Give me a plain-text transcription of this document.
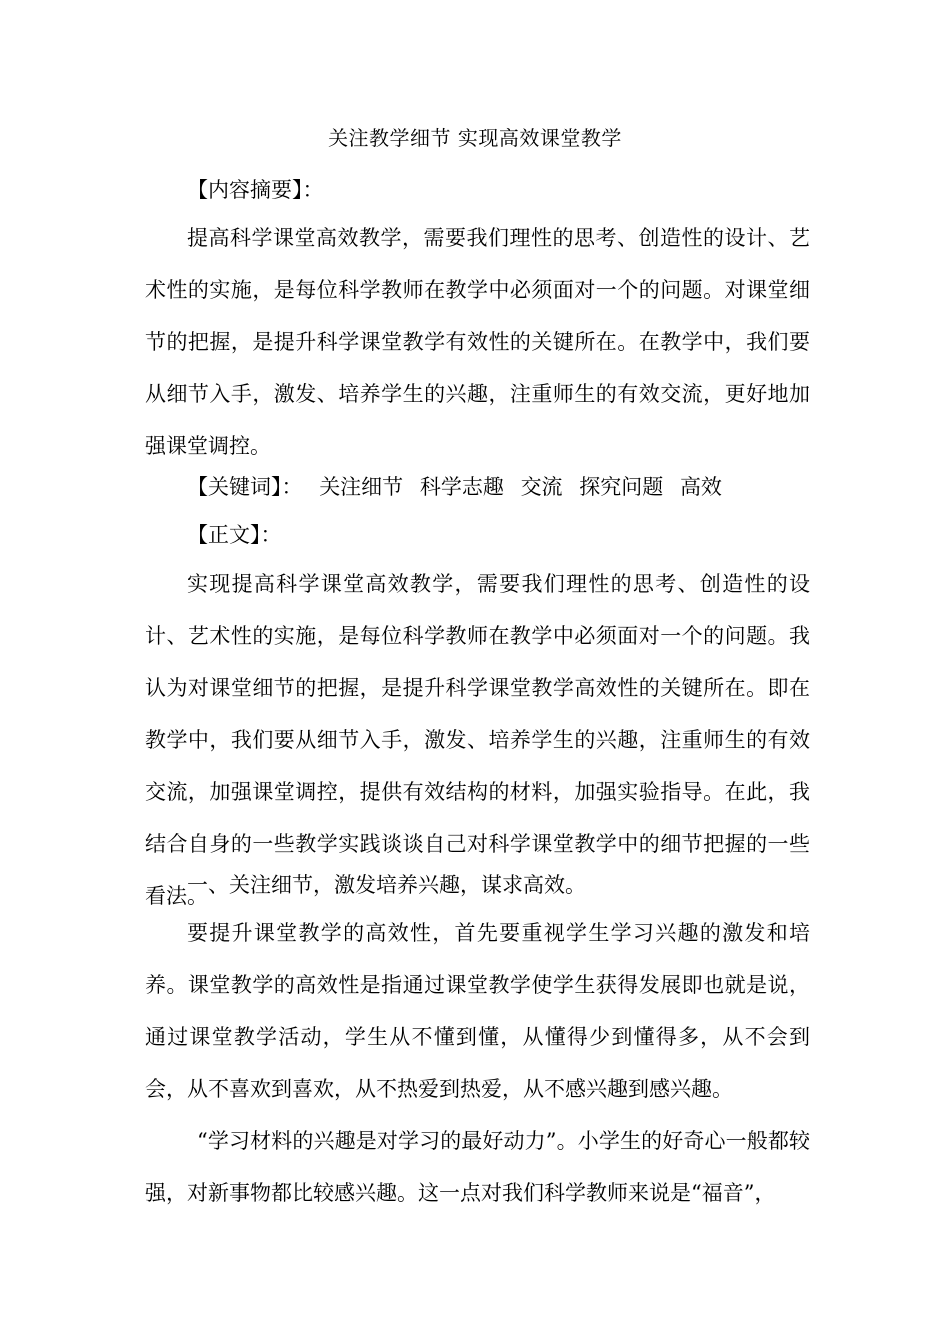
关注教学细节 实现高效课堂教学
【内容摘要】：

提高科学课堂高效教学，需要我们理性的思考、创造性的设计、艺术性的实施，是每位科学教师在教学中必须面对一个的问题。对课堂细节的把握，是提升科学课堂教学有效性的关键所在。在教学中，我们要从细节入手，激发、培养学生的兴趣，注重师生的有效交流，更好地加强课堂调控。

【关键词】： 关注细节 科学志趣 交流 探究问题 高效
【正文】：

实现提高科学课堂高效教学，需要我们理性的思考、创造性的设计、艺术性的实施，是每位科学教师在教学中必须面对一个的问题。我认为对课堂细节的把握，是提升科学课堂教学高效性的关键所在。即在教学中，我们要从细节入手，激发、培养学生的兴趣，注重师生的有效交流，加强课堂调控，提供有效结构的材料，加强实验指导。在此，我结合自身的一些教学实践谈谈自己对科学课堂教学中的细节把握的一些看法。

一、关注细节，激发培养兴趣，谋求高效。

要提升课堂教学的高效性，首先要重视学生学习兴趣的激发和培养。课堂教学的高效性是指通过课堂教学使学生获得发展即也就是说，通过课堂教学活动，学生从不懂到懂，从懂得少到懂得多，从不会到会，从不喜欢到喜欢，从不热爱到热爱，从不感兴趣到感兴趣。

“学习材料的兴趣是对学习的最好动力”。小学生的好奇心一般都较强，对新事物都比较感兴趣。这一点对我们科学教师来说是“福音”，
